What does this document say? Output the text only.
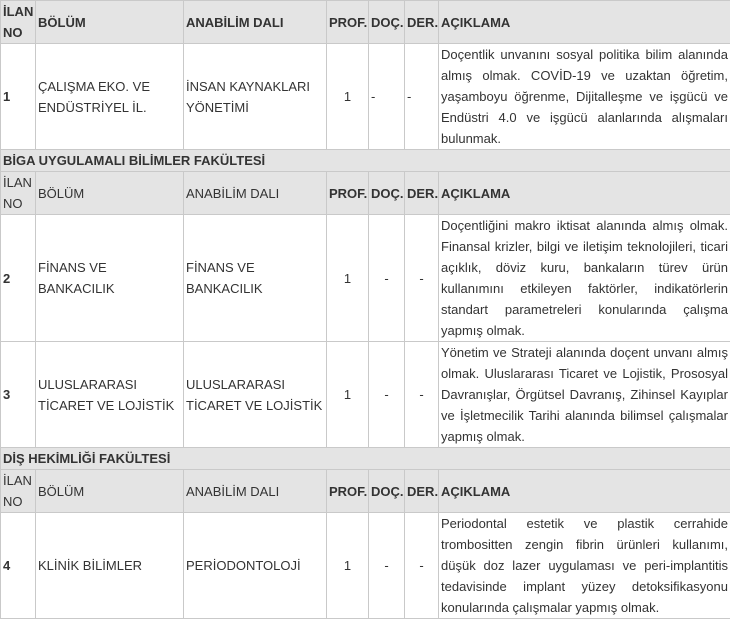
İLAN NO	BÖLÜM	ANABİLİM DALI	PROF.	DOÇ.	DER.	AÇIKLAMA
1	ÇALIŞMA EKO. VE ENDÜSTRİYEL İL.	İNSAN KAYNAKLARI YÖNETİMİ	1	-	-	Doçentlik unvanını sosyal politika bilim alanında almış olmak. COVİD-19 ve uzaktan öğretim, yaşamboyu öğrenme, Dijitalleşme ve işgücü ve Endüstri 4.0 ve işgücü alanlarında alışmaları bulunmak.
BİGA UYGULAMALI BİLİMLER FAKÜLTESİ						
İLAN NO	BÖLÜM	ANABİLİM DALI	PROF.	DOÇ.	DER.	AÇIKLAMA
2	FİNANS VE BANKACILIK	FİNANS VE BANKACILIK	1	-	-	Doçentliğini makro iktisat alanında almış olmak. Finansal krizler, bilgi ve iletişim teknolojileri, ticari açıklık, döviz kuru, bankaların türev ürün kullanımını etkileyen faktörler, indikatörlerin standart parametreleri konularında çalışma yapmış olmak.
3	ULUSLARARASI TİCARET VE LOJİSTİK	ULUSLARARASI TİCARET VE LOJİSTİK	1	-	-	Yönetim ve Strateji alanında doçent unvanı almış olmak. Uluslararası Ticaret ve Lojistik, Prososyal Davranışlar, Örgütsel Davranış, Zihinsel Kayıplar ve İşletmecilik Tarihi alanında bilimsel çalışmalar yapmış olmak.
DİŞ HEKİMLİĞİ FAKÜLTESİ						
İLAN NO	BÖLÜM	ANABİLİM DALI	PROF.	DOÇ.	DER.	AÇIKLAMA
4	KLİNİK BİLİMLER	PERİODONTOLOJİ	1	-	-	Periodontal estetik ve plastik cerrahide trombositten zengin fibrin ürünleri kullanımı, düşük doz lazer uygulaması ve peri-implantitis tedavisinde implant yüzey detoksifikasyonu konularında çalışmalar yapmış olmak.
